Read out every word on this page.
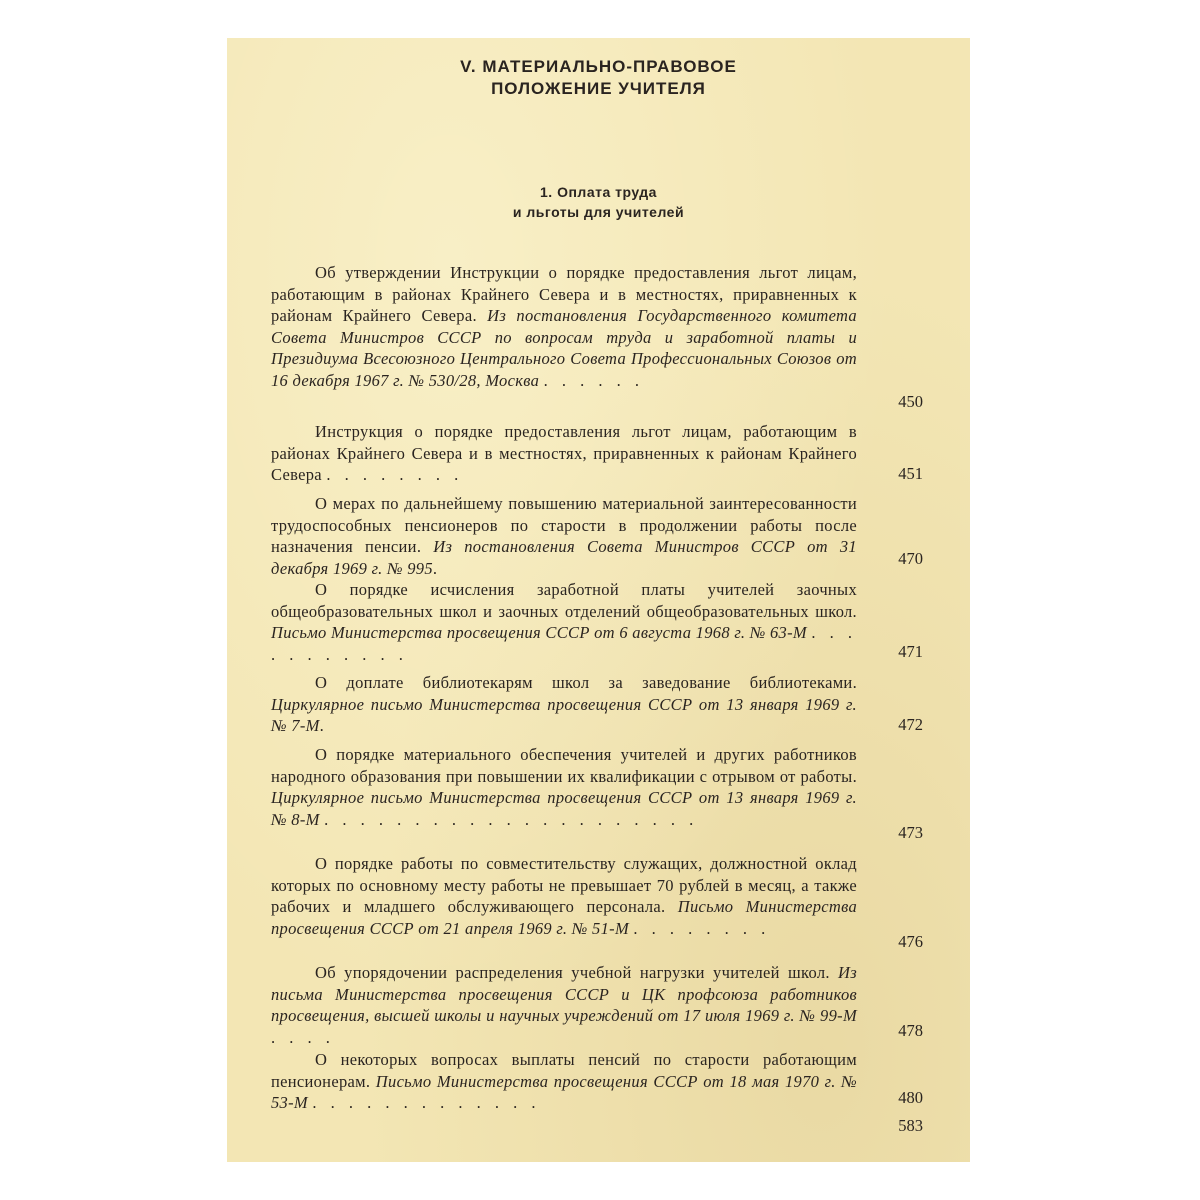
V. МАТЕРИАЛЬНО-ПРАВОВОЕ
ПОЛОЖЕНИЕ УЧИТЕЛЯ
1. Оплата труда
и льготы для учителей
Об утверждении Инструкции о порядке предоставления льгот лицам, работающим в районах Крайнего Севера и в местностях, приравненных к районам Крайнего Севера. Из постановления Государственного комитета Совета Министров СССР по вопросам труда и заработной платы и Президиума Всесоюзного Центрального Совета Профессиональных Союзов от 16 декабря 1967 г. № 530/28, Москва . . . . . .
450
Инструкция о порядке предоставления льгот лицам, работающим в районах Крайнего Севера и в местностях, приравненных к районам Крайнего Севера . . . . . . . .	451
О мерах по дальнейшему повышению материальной заинтересованности трудоспособных пенсионеров по старости в продолжении работы после назначения пенсии. Из постановления Совета Министров СССР от 31 декабря 1969 г. № 995.	470
О порядке исчисления заработной платы учителей заочных общеобразовательных школ и заочных отделений общеобразовательных школ. Письмо Министерства просвещения СССР от 6 августа 1968 г. № 63-М . . . . . . . . . . .	471
О доплате библиотекарям школ за заведование библиотеками. Циркулярное письмо Министерства просвещения СССР от 13 января 1969 г. № 7-М.	472
О порядке материального обеспечения учителей и других работников народного образования при повышении их квалификации с отрывом от работы. Циркулярное письмо Министерства просвещения СССР от 13 января 1969 г. № 8-М . . . . . . . . . . . . . . . . . . . . .
473
О порядке работы по совместительству служащих, должностной оклад которых по основному месту работы не превышает 70 рублей в месяц, а также рабочих и младшего обслуживающего персонала. Письмо Министерства просвещения СССР от 21 апреля 1969 г. № 51-М . . . . . . . .
476
Об упорядочении распределения учебной нагрузки учителей школ. Из письма Министерства просвещения СССР и ЦК профсоюза работников просвещения, высшей школы и научных учреждений от 17 июля 1969 г. № 99-М . . . .	478
О некоторых вопросах выплаты пенсий по старости работающим пенсионерам. Письмо Министерства просвещения СССР от 18 мая 1970 г. № 53-М . . . . . . . . . . . . .	480
583
